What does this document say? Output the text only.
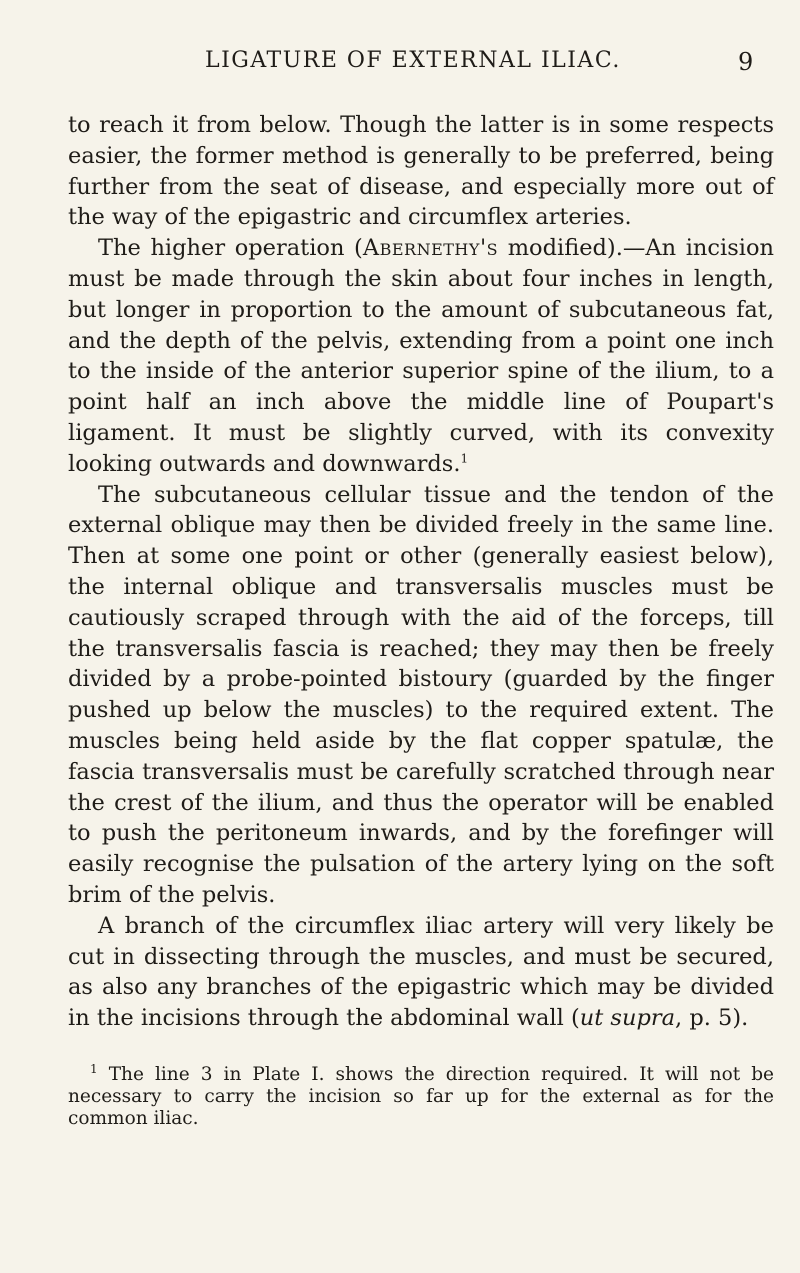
LIGATURE OF EXTERNAL ILIAC.	9

to reach it from below. Though the latter is in some respects easier, the former method is generally to be preferred, being further from the seat of disease, and especially more out of the way of the epigastric and circumflex arteries.

The higher operation (Abernethy's modified).—An incision must be made through the skin about four inches in length, but longer in proportion to the amount of subcutaneous fat, and the depth of the pelvis, extending from a point one inch to the inside of the anterior superior spine of the ilium, to a point half an inch above the middle line of Poupart's ligament. It must be slightly curved, with its convexity looking outwards and downwards.$^1$

The subcutaneous cellular tissue and the tendon of the external oblique may then be divided freely in the same line. Then at some one point or other (generally easiest below), the internal oblique and transversalis muscles must be cautiously scraped through with the aid of the forceps, till the transversalis fascia is reached; they may then be freely divided by a probe-pointed bistoury (guarded by the finger pushed up below the muscles) to the required extent. The muscles being held aside by the flat copper spatulæ, the fascia transversalis must be carefully scratched through near the crest of the ilium, and thus the operator will be enabled to push the peritoneum inwards, and by the forefinger will easily recognise the pulsation of the artery lying on the soft brim of the pelvis.

A branch of the circumflex iliac artery will very likely be cut in dissecting through the muscles, and must be secured, as also any branches of the epigastric which may be divided in the incisions through the abdominal wall (ut supra, p. 5).

$^1$ The line 3 in Plate I. shows the direction required. It will not be necessary to carry the incision so far up for the external as for the common iliac.
